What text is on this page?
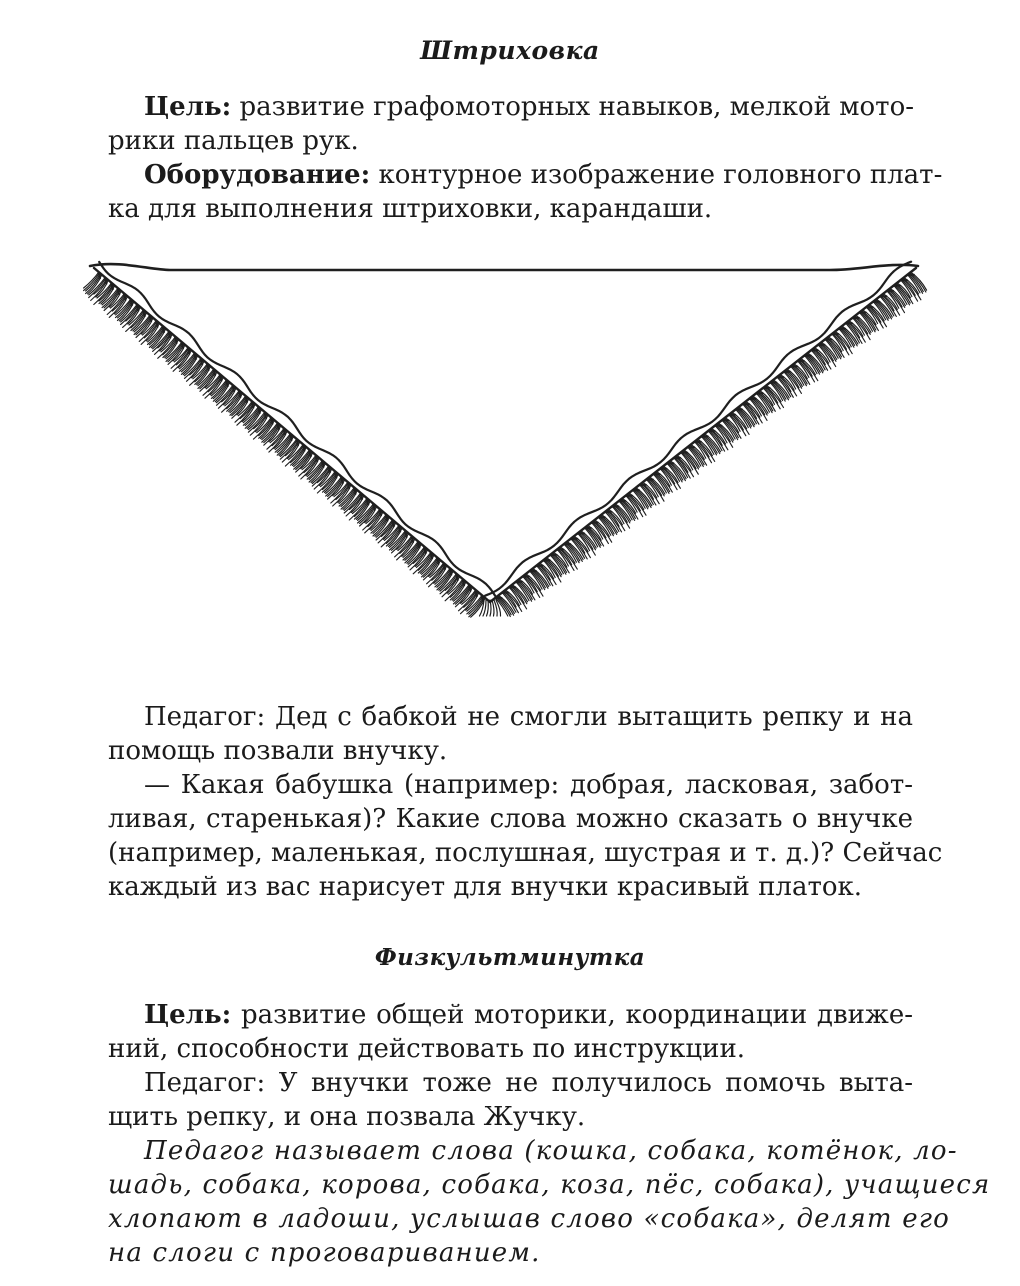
Штриховка
Цель: развитие графомоторных навыков, мелкой мото-
рики пальцев рук.
Оборудование: контурное изображение головного плат-
ка для выполнения штриховки, карандаши.
Педагог: Дед с бабкой не смогли вытащить репку и на
помощь позвали внучку.
— Какая бабушка (например: добрая, ласковая, забот-
ливая, старенькая)? Какие слова можно сказать о внучке
(например, маленькая, послушная, шустрая и т. д.)? Сейчас
каждый из вас нарисует для внучки красивый платок.
Физкультминутка
Цель: развитие общей моторики, координации движе-
ний, способности действовать по инструкции.
Педагог: У внучки тоже не получилось помочь выта-
щить репку, и она позвала Жучку.
Педагог называет слова (кошка, собака, котёнок, ло-
шадь, собака, корова, собака, коза, пёс, собака), учащиеся
хлопают в ладоши, услышав слово «собака», делят его
на слоги с проговариванием.
